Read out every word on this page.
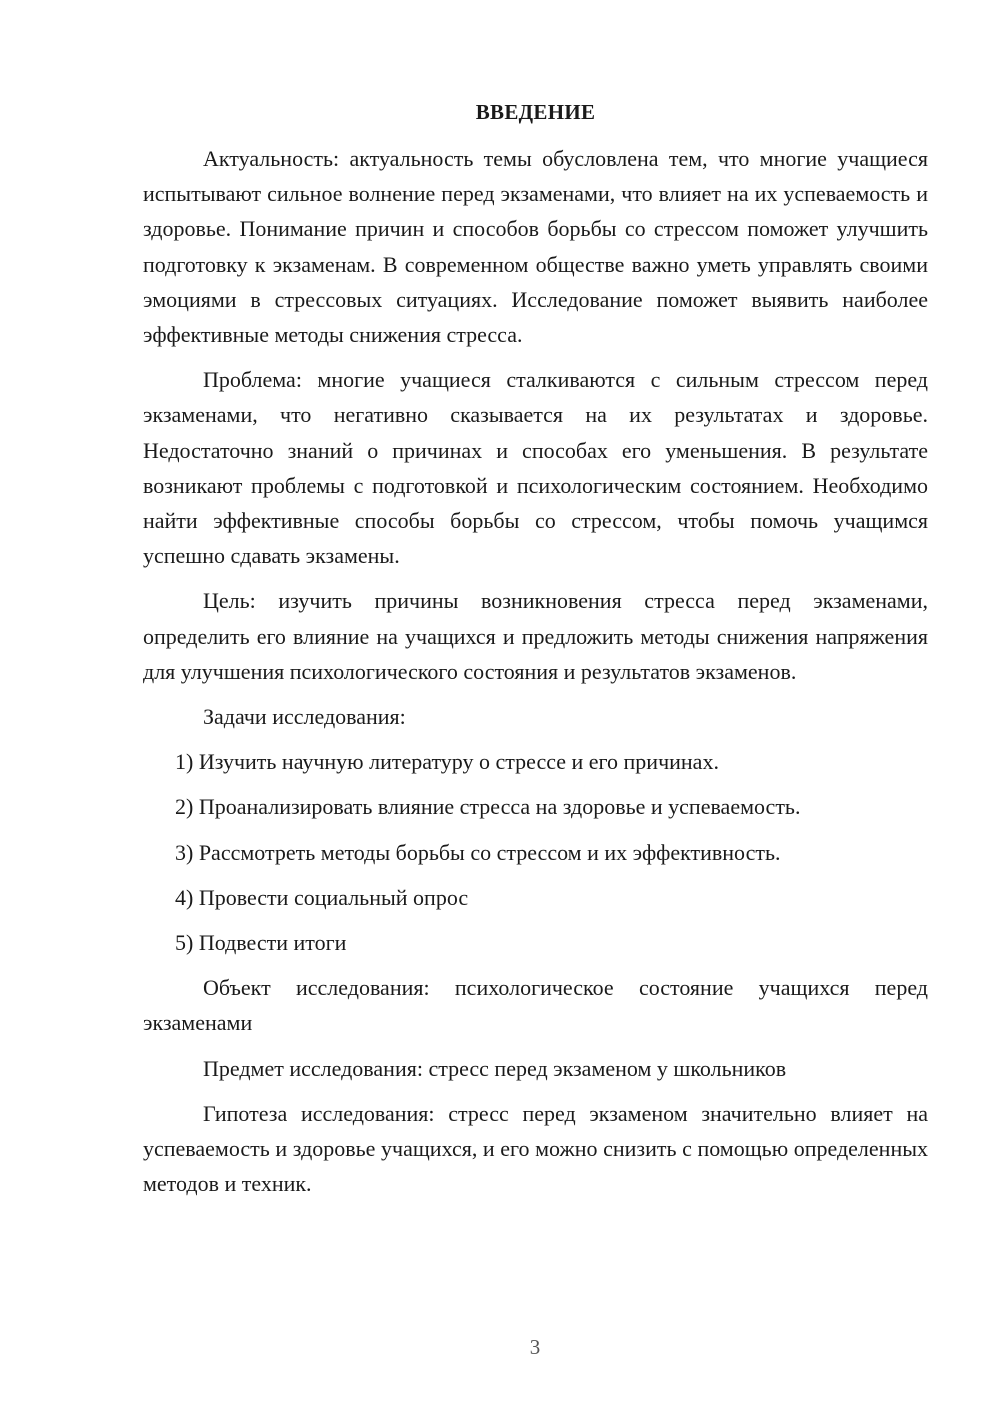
ВВЕДЕНИЕ

Актуальность: актуальность темы обусловлена тем, что многие учащиеся испытывают сильное волнение перед экзаменами, что влияет на их успеваемость и здоровье. Понимание причин и способов борьбы со стрессом поможет улучшить подготовку к экзаменам. В современном обществе важно уметь управлять своими эмоциями в стрессовых ситуациях. Исследование поможет выявить наиболее эффективные методы снижения стресса.

Проблема: многие учащиеся сталкиваются с сильным стрессом перед экзаменами, что негативно сказывается на их результатах и здоровье. Недостаточно знаний о причинах и способах его уменьшения. В результате возникают проблемы с подготовкой и психологическим состоянием. Необходимо найти эффективные способы борьбы со стрессом, чтобы помочь учащимся успешно сдавать экзамены.

Цель: изучить причины возникновения стресса перед экзаменами, определить его влияние на учащихся и предложить методы снижения напряжения для улучшения психологического состояния и результатов экзаменов.

Задачи исследования:

1) Изучить научную литературу о стрессе и его причинах.

2) Проанализировать влияние стресса на здоровье и успеваемость.

3) Рассмотреть методы борьбы со стрессом и их эффективность.

4) Провести социальный опрос

5) Подвести итоги

Объект исследования: психологическое состояние учащихся перед экзаменами

Предмет исследования: стресс перед экзаменом у школьников

Гипотеза исследования: стресс перед экзаменом значительно влияет на успеваемость и здоровье учащихся, и его можно снизить с помощью определенных методов и техник.

3
